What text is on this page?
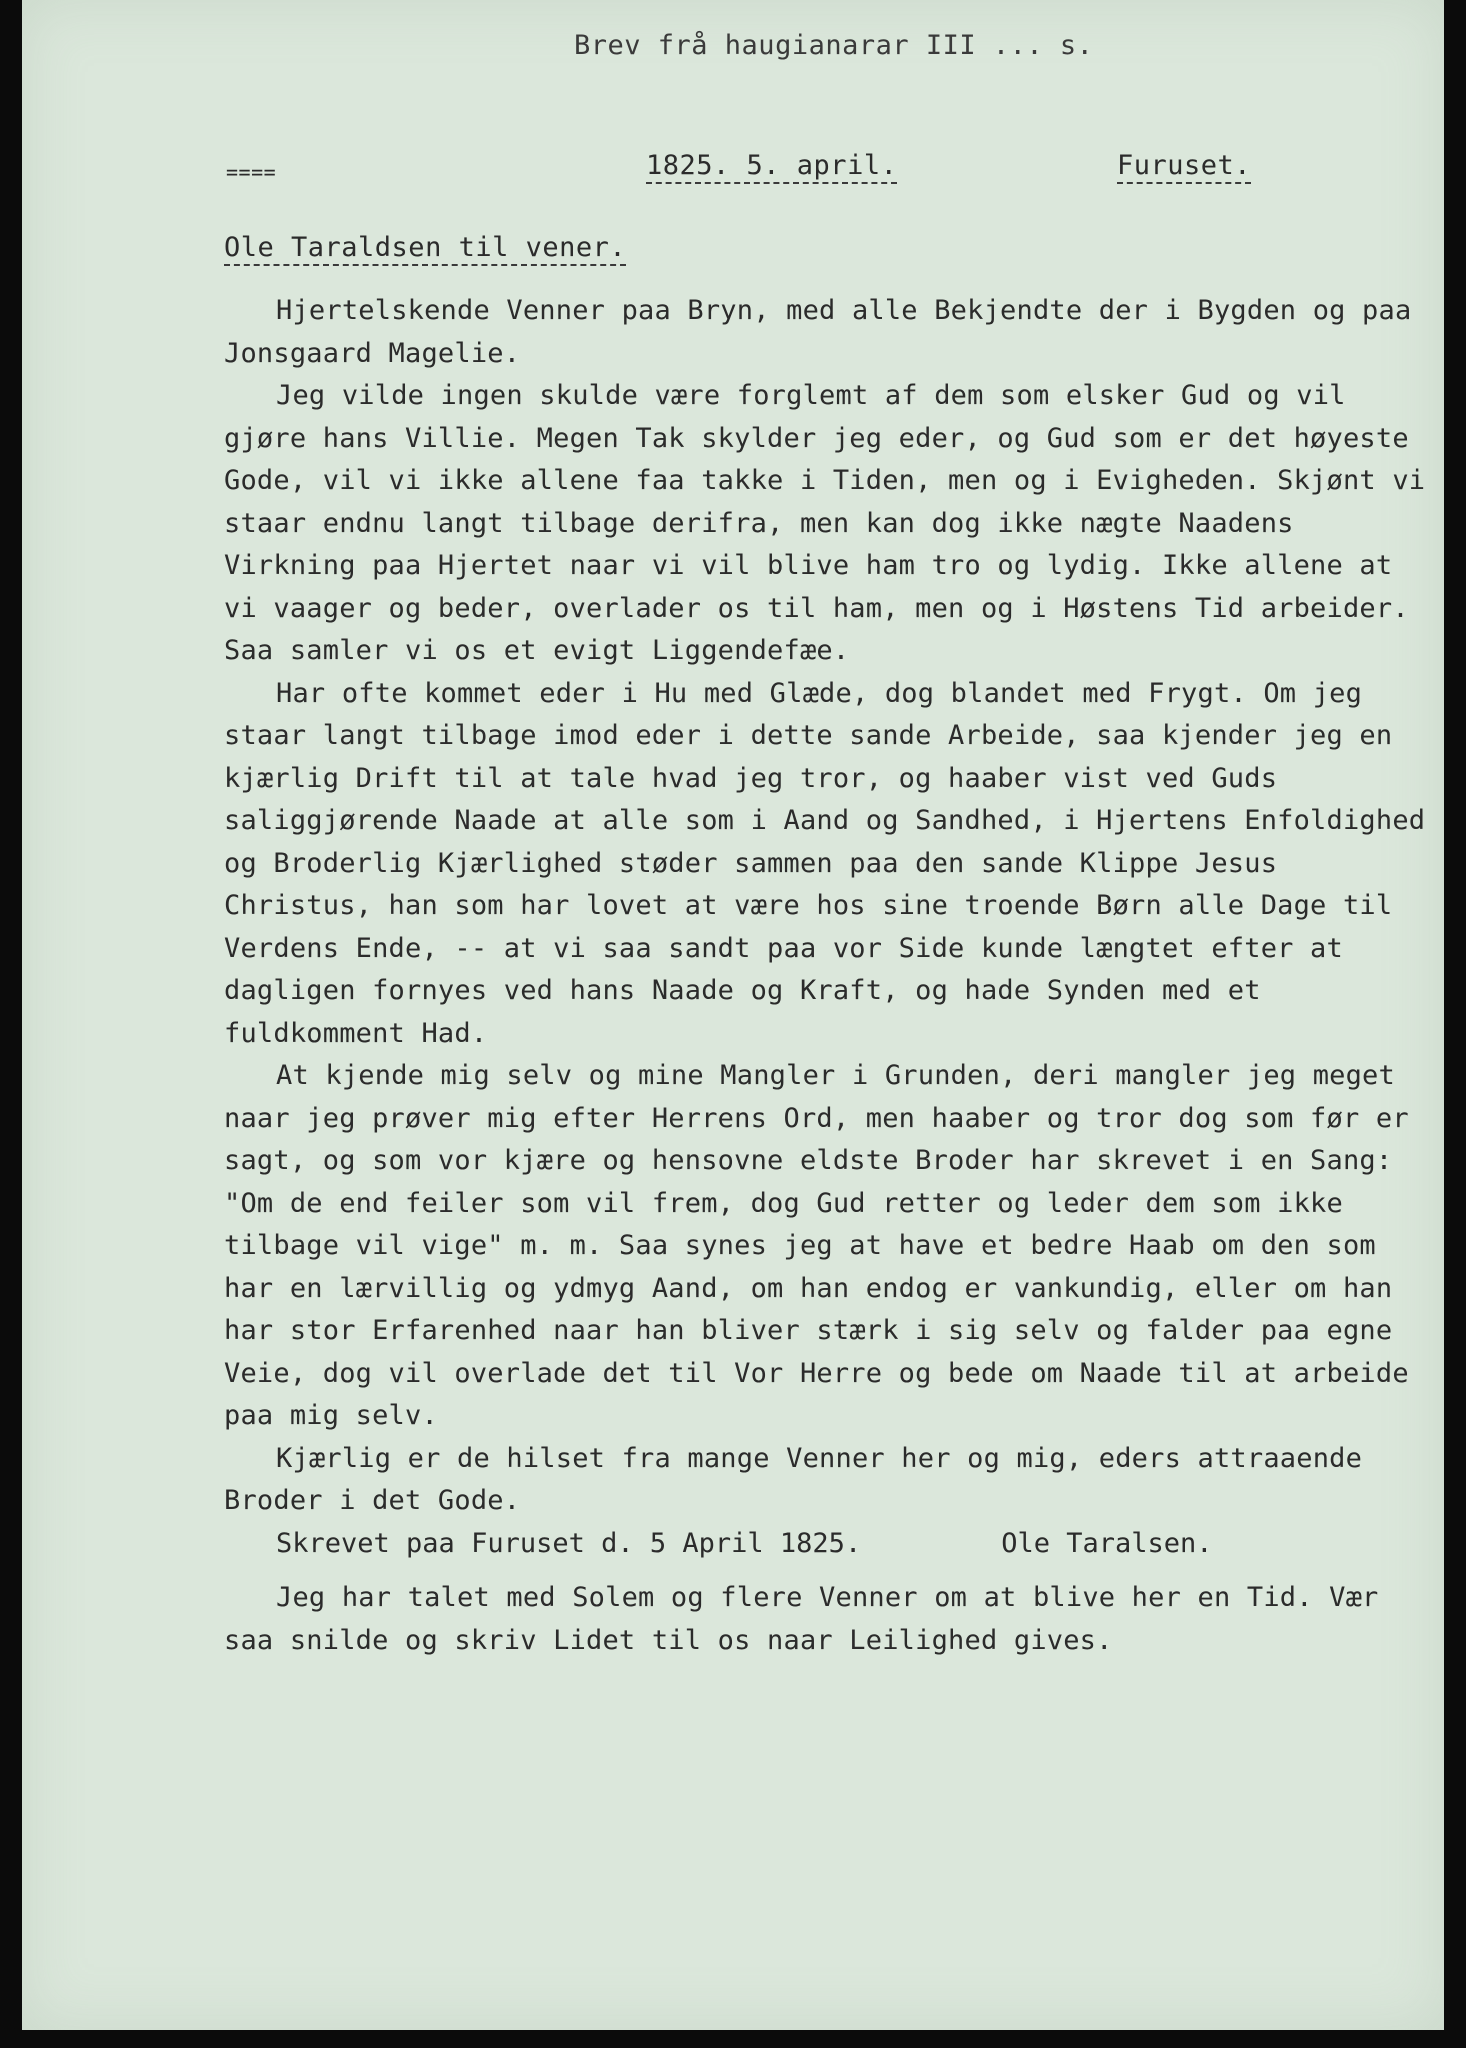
Brev frå haugianarar III ... s.
====	1825. 5. april.	Furuset.
Ole Taraldsen til vener.

Hjertelskende Venner paa Bryn, med alle Bekjendte der i Bygden og paa Jonsgaard Magelie.

Jeg vilde ingen skulde være forglemt af dem som elsker Gud og vil gjøre hans Villie. Megen Tak skylder jeg eder, og Gud som er det høyeste Gode, vil vi ikke allene faa takke i Tiden, men og i Evigheden. Skjønt vi staar endnu langt tilbage derifra, men kan dog ikke nægte Naadens Virkning paa Hjertet naar vi vil blive ham tro og lydig. Ikke allene at vi vaager og beder, overlader os til ham, men og i Høstens Tid arbeider. Saa samler vi os et evigt Liggendefæe.

Har ofte kommet eder i Hu med Glæde, dog blandet med Frygt. Om jeg staar langt tilbage imod eder i dette sande Arbeide, saa kjender jeg en kjærlig Drift til at tale hvad jeg tror, og haaber vist ved Guds saliggjørende Naade at alle som i Aand og Sandhed, i Hjertens Enfoldighed og Broderlig Kjærlighed støder sammen paa den sande Klippe Jesus Christus, han som har lovet at være hos sine troende Børn alle Dage til Verdens Ende, -- at vi saa sandt paa vor Side kunde længtet efter at dagligen fornyes ved hans Naade og Kraft, og hade Synden med et fuldkomment Had.

At kjende mig selv og mine Mangler i Grunden, deri mangler jeg meget naar jeg prøver mig efter Herrens Ord, men haaber og tror dog som før er sagt, og som vor kjære og hensovne eldste Broder har skrevet i en Sang: "Om de end feiler som vil frem, dog Gud retter og leder dem som ikke tilbage vil vige" m. m. Saa synes jeg at have et bedre Haab om den som har en lærvillig og ydmyg Aand, om han endog er vankundig, eller om han har stor Erfarenhed naar han bliver stærk i sig selv og falder paa egne Veie, dog vil overlade det til Vor Herre og bede om Naade til at arbeide paa mig selv.

Kjærlig er de hilset fra mange Venner her og mig, eders attraaende Broder i det Gode.

Skrevet paa Furuset d. 5 April 1825.	Ole Taralsen.

Jeg har talet med Solem og flere Venner om at blive her en Tid. Vær saa snilde og skriv Lidet til os naar Leilighed gives.
